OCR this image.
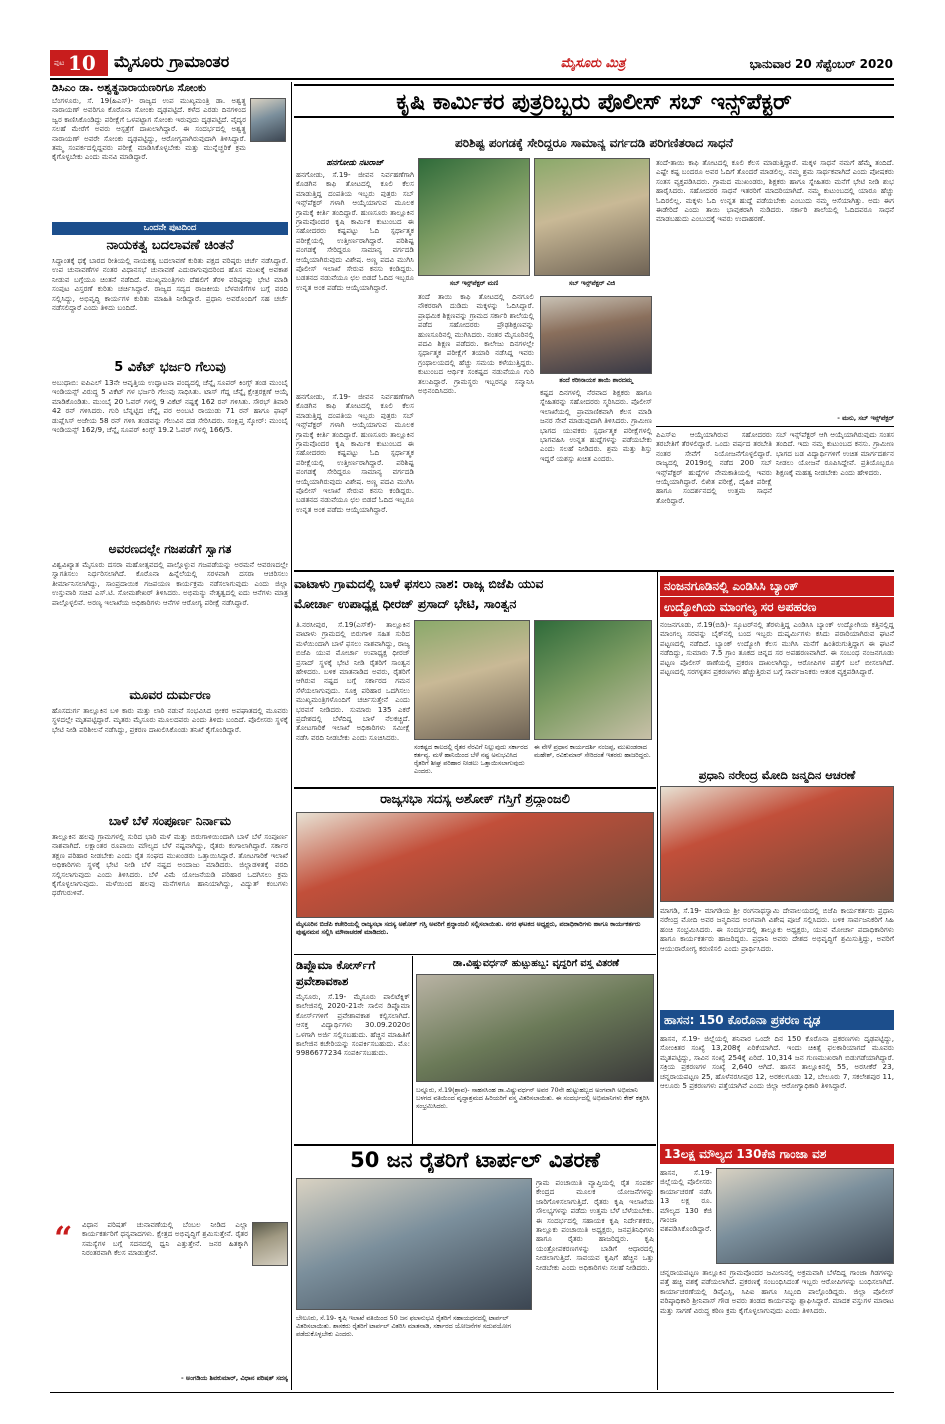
ಪುಟ 10 ಮೈಸೂರು ಗ್ರಾಮಾಂತರ	ಮೈಸೂರು ಮಿತ್ರ	ಭಾನುವಾರ 20 ಸೆಪ್ಟೆಂಬರ್ 2020
ಡಿಸಿಎಂ ಡಾ. ಅಶ್ವತ್ಥನಾರಾಯಣರಿಗೂ ಸೋಂಕು
ಬೆಂಗಳೂರು, ಸೆ. 19(ಹಿಎಸ್)- ರಾಜ್ಯದ ಉಪ ಮುಖ್ಯಮಂತ್ರಿ ಡಾ. ಅಶ್ವತ್ಥ ನಾರಾಯಣ್ ಅವರಿಗೂ ಕೊರೊನಾ ಸೋಂಕು ದೃಢಪಟ್ಟಿದೆ. ಕಳೆದ ಎರಡು ದಿನಗಳಿಂದ ಜ್ವರ ಕಾಣಿಸಿಕೊಂಡಿದ್ದು ಪರೀಕ್ಷೆಗೆ ಒಳಪಟ್ಟಾಗ ಸೋಂಕು ಇರುವುದು ದೃಢಪಟ್ಟಿದೆ. ವೈದ್ಯರ ಸಲಹೆ ಮೇರೆಗೆ ಅವರು ಆಸ್ಪತ್ರೆಗೆ ದಾಖಲಾಗಿದ್ದಾರೆ. ಈ ಸಂದರ್ಭದಲ್ಲಿ ಅಶ್ವತ್ಥ ನಾರಾಯಣ್ ಅವರೇ ಸೋಂಕು ದೃಢಪಟ್ಟಿದ್ದು, ಆರೋಗ್ಯವಾಗಿರುವುದಾಗಿ ತಿಳಿಸಿದ್ದಾರೆ. ತಮ್ಮ ಸಂಪರ್ಕದಲ್ಲಿದ್ದವರು ಪರೀಕ್ಷೆ ಮಾಡಿಸಿಕೊಳ್ಳಬೇಕು ಮತ್ತು ಮುನ್ನೆಚ್ಚರಿಕೆ ಕ್ರಮ ಕೈಗೊಳ್ಳಬೇಕು ಎಂದು ಮನವಿ ಮಾಡಿದ್ದಾರೆ.
ಒಂದನೇ ಪುಟದಿಂದ
ನಾಯಕತ್ವ ಬದಲಾವಣೆ ಚಿಂತನೆ
ಸಿದ್ಧಾಂತಕ್ಕೆ ಧಕ್ಕೆ ಬಾರದ ರೀತಿಯಲ್ಲಿ ನಾಯಕತ್ವ ಬದಲಾವಣೆ ಕುರಿತು ಪಕ್ಷದ ವರಿಷ್ಠರು ಚರ್ಚೆ ನಡೆಸಿದ್ದಾರೆ. ಉಪ ಚುನಾವಣೆಗಳ ನಂತರ ವಿಧಾನಸಭೆ ಚುನಾವಣೆ ಎದುರಾಗುವುದರಿಂದ ಹೊಸ ಮುಖಕ್ಕೆ ಅವಕಾಶ ನೀಡುವ ಬಗ್ಗೆಯೂ ಚಿಂತನೆ ನಡೆದಿದೆ. ಮುಖ್ಯಮಂತ್ರಿಗಳು ದೆಹಲಿಗೆ ತೆರಳಿ ವರಿಷ್ಠರನ್ನು ಭೇಟಿ ಮಾಡಿ ಸಂಪುಟ ವಿಸ್ತರಣೆ ಕುರಿತು ಚರ್ಚಿಸಿದ್ದಾರೆ. ರಾಜ್ಯದ ಸದ್ಯದ ರಾಜಕೀಯ ಬೆಳವಣಿಗೆಗಳ ಬಗ್ಗೆ ವರದಿ ಸಲ್ಲಿಸಿದ್ದು, ಅಭಿವೃದ್ಧಿ ಕಾರ್ಯಗಳ ಕುರಿತು ಮಾಹಿತಿ ನೀಡಿದ್ದಾರೆ. ಪ್ರಧಾನಿ ಅವರೊಂದಿಗೆ ಸಹ ಚರ್ಚೆ ನಡೆಸಲಿದ್ದಾರೆ ಎಂದು ತಿಳಿದು ಬಂದಿದೆ.
5 ವಿಕೆಟ್ ಭರ್ಜರಿ ಗೆಲುವು
ಅಬುಧಾಬಿ: ಐಪಿಎಲ್ 13ನೇ ಆವೃತ್ತಿಯ ಉದ್ಘಾಟನಾ ಪಂದ್ಯದಲ್ಲಿ ಚೆನ್ನೈ ಸೂಪರ್ ಕಿಂಗ್ಸ್ ತಂಡ ಮುಂಬೈ ಇಂಡಿಯನ್ಸ್ ವಿರುದ್ಧ 5 ವಿಕೆಟ್ ಗಳ ಭರ್ಜರಿ ಗೆಲುವು ಸಾಧಿಸಿತು. ಟಾಸ್ ಗೆದ್ದ ಚೆನ್ನೈ ಕ್ಷೇತ್ರರಕ್ಷಣೆ ಆಯ್ಕೆ ಮಾಡಿಕೊಂಡಿತು. ಮುಂಬೈ 20 ಓವರ್ ಗಳಲ್ಲಿ 9 ವಿಕೆಟ್ ನಷ್ಟಕ್ಕೆ 162 ರನ್ ಗಳಿಸಿತು. ಸೌರಭ್ ತಿವಾರಿ 42 ರನ್ ಗಳಿಸಿದರು. ಗುರಿ ಬೆನ್ನಟ್ಟಿದ ಚೆನ್ನೈ ಪರ ಅಂಬಟಿ ರಾಯುಡು 71 ರನ್ ಹಾಗೂ ಫಾಫ್ ಡುಪ್ಲೆಸಿಸ್ ಅಜೇಯ 58 ರನ್ ಗಳಿಸಿ ತಂಡವನ್ನು ಗೆಲುವಿನ ದಡ ಸೇರಿಸಿದರು. ಸಂಕ್ಷಿಪ್ತ ಸ್ಕೋರ್: ಮುಂಬೈ ಇಂಡಿಯನ್ಸ್ 162/9, ಚೆನ್ನೈ ಸೂಪರ್ ಕಿಂಗ್ಸ್ 19.2 ಓವರ್ ಗಳಲ್ಲಿ 166/5.
ಅವರಣದಲ್ಲೇ ಗಜಪಡೆಗೆ ಸ್ವಾಗತ
ವಿಶ್ವವಿಖ್ಯಾತ ಮೈಸೂರು ದಸರಾ ಮಹೋತ್ಸವದಲ್ಲಿ ಪಾಲ್ಗೊಳ್ಳುವ ಗಜಪಡೆಯನ್ನು ಅರಮನೆ ಆವರಣದಲ್ಲೇ ಸ್ವಾಗತಿಸಲು ನಿರ್ಧರಿಸಲಾಗಿದೆ. ಕೊರೊನಾ ಹಿನ್ನೆಲೆಯಲ್ಲಿ ಸರಳವಾಗಿ ದಸರಾ ಆಚರಿಸಲು ತೀರ್ಮಾನಿಸಲಾಗಿದ್ದು, ಸಾಂಪ್ರದಾಯಿಕ ಗಜಪಯಣ ಕಾರ್ಯಕ್ರಮ ನಡೆಸಲಾಗುವುದು ಎಂದು ಜಿಲ್ಲಾ ಉಸ್ತುವಾರಿ ಸಚಿವ ಎಸ್.ಟಿ. ಸೋಮಶೇಖರ್ ತಿಳಿಸಿದರು. ಅಭಿಮನ್ಯು ನೇತೃತ್ವದಲ್ಲಿ ಐದು ಆನೆಗಳು ಮಾತ್ರ ಪಾಲ್ಗೊಳ್ಳಲಿವೆ. ಅರಣ್ಯ ಇಲಾಖೆಯ ಅಧಿಕಾರಿಗಳು ಆನೆಗಳ ಆರೋಗ್ಯ ಪರೀಕ್ಷೆ ನಡೆಸಿದ್ದಾರೆ.
ಮೂವರ ದುರ್ಮರಣ
ಹೊಸದುರ್ಗ ತಾಲ್ಲೂಕಿನ ಬಳಿ ಕಾರು ಮತ್ತು ಲಾರಿ ನಡುವೆ ಸಂಭವಿಸಿದ ಭೀಕರ ಅಪಘಾತದಲ್ಲಿ ಮೂವರು ಸ್ಥಳದಲ್ಲೇ ಮೃತಪಟ್ಟಿದ್ದಾರೆ. ಮೃತರು ಮೈಸೂರು ಮೂಲದವರು ಎಂದು ತಿಳಿದು ಬಂದಿದೆ. ಪೊಲೀಸರು ಸ್ಥಳಕ್ಕೆ ಭೇಟಿ ನೀಡಿ ಪರಿಶೀಲನೆ ನಡೆಸಿದ್ದು, ಪ್ರಕರಣ ದಾಖಲಿಸಿಕೊಂಡು ತನಿಖೆ ಕೈಗೊಂಡಿದ್ದಾರೆ.
ಬಾಳೆ ಬೆಳೆ ಸಂಪೂರ್ಣ ನಿರ್ನಾಮ
ತಾಲ್ಲೂಕಿನ ಹಲವು ಗ್ರಾಮಗಳಲ್ಲಿ ಸುರಿದ ಭಾರಿ ಮಳೆ ಮತ್ತು ಬಿರುಗಾಳಿಯಿಂದಾಗಿ ಬಾಳೆ ಬೆಳೆ ಸಂಪೂರ್ಣ ನಾಶವಾಗಿದೆ. ಲಕ್ಷಾಂತರ ರೂಪಾಯಿ ಮೌಲ್ಯದ ಬೆಳೆ ನಷ್ಟವಾಗಿದ್ದು, ರೈತರು ಕಂಗಾಲಾಗಿದ್ದಾರೆ. ಸರ್ಕಾರ ತಕ್ಷಣ ಪರಿಹಾರ ನೀಡಬೇಕು ಎಂದು ರೈತ ಸಂಘದ ಮುಖಂಡರು ಒತ್ತಾಯಿಸಿದ್ದಾರೆ. ತೋಟಗಾರಿಕೆ ಇಲಾಖೆ ಅಧಿಕಾರಿಗಳು ಸ್ಥಳಕ್ಕೆ ಭೇಟಿ ನೀಡಿ ಬೆಳೆ ನಷ್ಟದ ಅಂದಾಜು ಮಾಡಿದರು. ಜಿಲ್ಲಾಡಳಿತಕ್ಕೆ ವರದಿ ಸಲ್ಲಿಸಲಾಗುವುದು ಎಂದು ತಿಳಿಸಿದರು. ಬೆಳೆ ವಿಮೆ ಯೋಜನೆಯಡಿ ಪರಿಹಾರ ಒದಗಿಸಲು ಕ್ರಮ ಕೈಗೊಳ್ಳಲಾಗುವುದು. ಮಳೆಯಿಂದ ಹಲವು ಮನೆಗಳಿಗೂ ಹಾನಿಯಾಗಿದ್ದು, ವಿದ್ಯುತ್ ಕಂಬಗಳು ಧರೆಗುರುಳಿವೆ.
“ ವಿಧಾನ ಪರಿಷತ್ ಚುನಾವಣೆಯಲ್ಲಿ ಬೆಂಬಲ ನೀಡಿದ ಎಲ್ಲಾ ಕಾರ್ಯಕರ್ತರಿಗೆ ಧನ್ಯವಾದಗಳು. ಕ್ಷೇತ್ರದ ಅಭಿವೃದ್ಧಿಗೆ ಶ್ರಮಿಸುತ್ತೇನೆ. ರೈತರ ಸಮಸ್ಯೆಗಳ ಬಗ್ಗೆ ಸದನದಲ್ಲಿ ಧ್ವನಿ ಎತ್ತುತ್ತೇನೆ. ಜನರ ಹಿತಕ್ಕಾಗಿ ನಿರಂತರವಾಗಿ ಕೆಲಸ ಮಾಡುತ್ತೇನೆ.
- ಅಂಗಡಿಯ ಶಿವಕುಮಾರ್, ವಿಧಾನ ಪರಿಷತ್ ಸದಸ್ಯ
ಕೃಷಿ ಕಾರ್ಮಿಕರ ಪುತ್ರರಿಬ್ಬರು ಪೊಲೀಸ್ ಸಬ್ ಇನ್ಸ್‌ಪೆಕ್ಟರ್
ಪರಿಶಿಷ್ಟ ಪಂಗಡಕ್ಕೆ ಸೇರಿದ್ದರೂ ಸಾಮಾನ್ಯ ವರ್ಗದಡಿ ಪರಿಗಣಿತರಾದ ಸಾಧನೆ
ಹನಗೋಡು ನಟರಾಜ್
ಹನಗೋಡು, ಸೆ.19- ಜೀವನ ನಿರ್ವಹಣೆಗಾಗಿ ಕೊಡಗಿನ ಕಾಫಿ ತೋಟದಲ್ಲಿ ಕೂಲಿ ಕೆಲಸ ಮಾಡುತ್ತಿದ್ದ ದಂಪತಿಯ ಇಬ್ಬರು ಪುತ್ರರು ಸಬ್ ಇನ್ಸ್‌ಪೆಕ್ಟರ್ ಗಳಾಗಿ ಆಯ್ಕೆಯಾಗುವ ಮೂಲಕ ಗ್ರಾಮಕ್ಕೆ ಕೀರ್ತಿ ತಂದಿದ್ದಾರೆ. ಹುಣಸೂರು ತಾಲ್ಲೂಕಿನ ಗ್ರಾಮವೊಂದರ ಕೃಷಿ ಕಾರ್ಮಿಕ ಕುಟುಂಬದ ಈ ಸಹೋದರರು ಕಷ್ಟಪಟ್ಟು ಓದಿ ಸ್ಪರ್ಧಾತ್ಮಕ ಪರೀಕ್ಷೆಯಲ್ಲಿ ಉತ್ತೀರ್ಣರಾಗಿದ್ದಾರೆ. ಪರಿಶಿಷ್ಟ ಪಂಗಡಕ್ಕೆ ಸೇರಿದ್ದರೂ ಸಾಮಾನ್ಯ ವರ್ಗದಡಿ ಆಯ್ಕೆಯಾಗಿರುವುದು ವಿಶೇಷ. ಅಣ್ಣ ಪದವಿ ಮುಗಿಸಿ ಪೊಲೀಸ್ ಇಲಾಖೆ ಸೇರುವ ಕನಸು ಕಂಡಿದ್ದರು. ಬಡತನದ ನಡುವೆಯೂ ಛಲ ಬಿಡದೆ ಓದಿದ ಇಬ್ಬರೂ ಉನ್ನತ ಅಂಕ ಪಡೆದು ಆಯ್ಕೆಯಾಗಿದ್ದಾರೆ.	ಸಬ್ ಇನ್ಸ್‌ಪೆಕ್ಟರ್ ಮಣಿ	ಸಬ್ ಇನ್ಸ್‌ಪೆಕ್ಟರ್ ವಿಜಿ
ತಂದೆ ತಾಯಿ ಕಾಫಿ ತೋಟದಲ್ಲಿ ದಿನಗೂಲಿ ನೌಕರರಾಗಿ ದುಡಿದು ಮಕ್ಕಳನ್ನು ಓದಿಸಿದ್ದಾರೆ. ಪ್ರಾಥಮಿಕ ಶಿಕ್ಷಣವನ್ನು ಗ್ರಾಮದ ಸರ್ಕಾರಿ ಶಾಲೆಯಲ್ಲಿ ಪಡೆದ ಸಹೋದರರು ಪ್ರೌಢಶಿಕ್ಷಣವನ್ನು ಹುಣಸೂರಿನಲ್ಲಿ ಮುಗಿಸಿದರು. ನಂತರ ಮೈಸೂರಿನಲ್ಲಿ ಪದವಿ ಶಿಕ್ಷಣ ಪಡೆದರು. ಕಾಲೇಜು ದಿನಗಳಲ್ಲೇ ಸ್ಪರ್ಧಾತ್ಮಕ ಪರೀಕ್ಷೆಗೆ ತಯಾರಿ ನಡೆಸಿದ್ದ ಇವರು ಗ್ರಂಥಾಲಯದಲ್ಲಿ ಹೆಚ್ಚು ಸಮಯ ಕಳೆಯುತ್ತಿದ್ದರು. ಕುಟುಂಬದ ಆರ್ಥಿಕ ಸಂಕಷ್ಟದ ನಡುವೆಯೂ ಗುರಿ ತಲುಪಿದ್ದಾರೆ. ಗ್ರಾಮಸ್ಥರು ಇಬ್ಬರನ್ನೂ ಸನ್ಮಾನಿಸಿ ಅಭಿನಂದಿಸಿದರು.
ತಂದೆ ಕರೀನಾಯಕ ತಾಯಿ ಶಾರದಮ್ಮ
ಕಷ್ಟದ ದಿನಗಳಲ್ಲಿ ನೆರವಾದ ಶಿಕ್ಷಕರು ಹಾಗೂ ಸ್ನೇಹಿತರನ್ನು ಸಹೋದರರು ಸ್ಮರಿಸಿದರು. ಪೊಲೀಸ್ ಇಲಾಖೆಯಲ್ಲಿ ಪ್ರಾಮಾಣಿಕವಾಗಿ ಕೆಲಸ ಮಾಡಿ ಜನರ ಸೇವೆ ಮಾಡುವುದಾಗಿ ತಿಳಿಸಿದರು. ಗ್ರಾಮೀಣ ಭಾಗದ ಯುವಕರು ಸ್ಪರ್ಧಾತ್ಮಕ ಪರೀಕ್ಷೆಗಳಲ್ಲಿ ಭಾಗವಹಿಸಿ ಉನ್ನತ ಹುದ್ದೆಗಳನ್ನು ಪಡೆಯಬೇಕು ಎಂದು ಸಲಹೆ ನೀಡಿದರು. ಶ್ರಮ ಮತ್ತು ಶಿಸ್ತು ಇದ್ದರೆ ಯಶಸ್ಸು ಖಚಿತ ಎಂದರು.
ಹನಗೋಡು, ಸೆ.19- ಜೀವನ ನಿರ್ವಹಣೆಗಾಗಿ ಕೊಡಗಿನ ಕಾಫಿ ತೋಟದಲ್ಲಿ ಕೂಲಿ ಕೆಲಸ ಮಾಡುತ್ತಿದ್ದ ದಂಪತಿಯ ಇಬ್ಬರು ಪುತ್ರರು ಸಬ್ ಇನ್ಸ್‌ಪೆಕ್ಟರ್ ಗಳಾಗಿ ಆಯ್ಕೆಯಾಗುವ ಮೂಲಕ ಗ್ರಾಮಕ್ಕೆ ಕೀರ್ತಿ ತಂದಿದ್ದಾರೆ. ಹುಣಸೂರು ತಾಲ್ಲೂಕಿನ ಗ್ರಾಮವೊಂದರ ಕೃಷಿ ಕಾರ್ಮಿಕ ಕುಟುಂಬದ ಈ ಸಹೋದರರು ಕಷ್ಟಪಟ್ಟು ಓದಿ ಸ್ಪರ್ಧಾತ್ಮಕ ಪರೀಕ್ಷೆಯಲ್ಲಿ ಉತ್ತೀರ್ಣರಾಗಿದ್ದಾರೆ. ಪರಿಶಿಷ್ಟ ಪಂಗಡಕ್ಕೆ ಸೇರಿದ್ದರೂ ಸಾಮಾನ್ಯ ವರ್ಗದಡಿ ಆಯ್ಕೆಯಾಗಿರುವುದು ವಿಶೇಷ. ಅಣ್ಣ ಪದವಿ ಮುಗಿಸಿ ಪೊಲೀಸ್ ಇಲಾಖೆ ಸೇರುವ ಕನಸು ಕಂಡಿದ್ದರು. ಬಡತನದ ನಡುವೆಯೂ ಛಲ ಬಿಡದೆ ಓದಿದ ಇಬ್ಬರೂ ಉನ್ನತ ಅಂಕ ಪಡೆದು ಆಯ್ಕೆಯಾಗಿದ್ದಾರೆ.
ತಂದೆ-ತಾಯಿ ಕಾಫಿ ತೋಟದಲ್ಲಿ ಕೂಲಿ ಕೆಲಸ ಮಾಡುತ್ತಿದ್ದಾರೆ. ಮಕ್ಕಳ ಸಾಧನೆ ನಮಗೆ ಹೆಮ್ಮೆ ತಂದಿದೆ. ಎಷ್ಟೇ ಕಷ್ಟ ಬಂದರೂ ಅವರ ಓದಿಗೆ ತೊಂದರೆ ಮಾಡಲಿಲ್ಲ. ನಮ್ಮ ಶ್ರಮ ಸಾರ್ಥಕವಾಗಿದೆ ಎಂದು ಪೋಷಕರು ಸಂತಸ ವ್ಯಕ್ತಪಡಿಸಿದರು. ಗ್ರಾಮದ ಮುಖಂಡರು, ಶಿಕ್ಷಕರು ಹಾಗೂ ಸ್ನೇಹಿತರು ಮನೆಗೆ ಭೇಟಿ ನೀಡಿ ಶುಭ ಹಾರೈಸಿದರು. ಸಹೋದರರ ಸಾಧನೆ ಇತರರಿಗೆ ಮಾದರಿಯಾಗಿದೆ. ನಮ್ಮ ಕುಟುಂಬದಲ್ಲಿ ಯಾರೂ ಹೆಚ್ಚು ಓದಿರಲಿಲ್ಲ. ಮಕ್ಕಳು ಓದಿ ಉನ್ನತ ಹುದ್ದೆ ಪಡೆಯಬೇಕು ಎಂಬುದು ನಮ್ಮ ಆಸೆಯಾಗಿತ್ತು. ಅದು ಈಗ ಈಡೇರಿದೆ ಎಂದು ತಾಯಿ ಭಾವುಕರಾಗಿ ನುಡಿದರು. ಸರ್ಕಾರಿ ಶಾಲೆಯಲ್ಲಿ ಓದಿದವರೂ ಸಾಧನೆ ಮಾಡಬಹುದು ಎಂಬುದಕ್ಕೆ ಇವರು ಉದಾಹರಣೆ.
- ಮನು, ಸಬ್ ಇನ್ಸ್‌ಪೆಕ್ಟರ್
ಪಿಎಸ್ಐ ಆಯ್ಕೆಯಾಗಿರುವ ಸಹೋದರರು ತರಬೇತಿಗೆ ತೆರಳಲಿದ್ದಾರೆ. ಒಂದು ವರ್ಷದ ತರಬೇತಿ ನಂತರ ಸೇವೆಗೆ ನಿಯೋಜನೆಗೊಳ್ಳಲಿದ್ದಾರೆ. ರಾಜ್ಯದಲ್ಲಿ 2019ರಲ್ಲಿ ನಡೆದ 200 ಸಬ್ ಇನ್ಸ್‌ಪೆಕ್ಟರ್ ಹುದ್ದೆಗಳ ನೇಮಕಾತಿಯಲ್ಲಿ ಇವರು ಆಯ್ಕೆಯಾಗಿದ್ದಾರೆ. ಲಿಖಿತ ಪರೀಕ್ಷೆ, ದೈಹಿಕ ಪರೀಕ್ಷೆ ಹಾಗೂ ಸಂದರ್ಶನದಲ್ಲಿ ಉತ್ತಮ ಸಾಧನೆ ತೋರಿದ್ದಾರೆ.
ಸಬ್ ಇನ್ಸ್‌ಪೆಕ್ಟರ್ ಆಗಿ ಆಯ್ಕೆಯಾಗಿರುವುದು ಸಂತಸ ತಂದಿದೆ. ಇದು ನಮ್ಮ ಕುಟುಂಬದ ಕನಸು. ಗ್ರಾಮೀಣ ಭಾಗದ ಬಡ ವಿದ್ಯಾರ್ಥಿಗಳಿಗೆ ಉಚಿತ ಮಾರ್ಗದರ್ಶನ ನೀಡಲು ಯೋಜನೆ ರೂಪಿಸಿದ್ದೇವೆ. ಪ್ರತಿಯೊಬ್ಬರೂ ಶಿಕ್ಷಣಕ್ಕೆ ಮಹತ್ವ ನೀಡಬೇಕು ಎಂದು ಹೇಳಿದರು.
ವಾಟಾಳು ಗ್ರಾಮದಲ್ಲಿ ಬಾಳೆ ಫಸಲು ನಾಶ: ರಾಜ್ಯ ಬಿಜೆಪಿ ಯುವ
ಮೋರ್ಚಾ ಉಪಾಧ್ಯಕ್ಷ ಧೀರಜ್ ಪ್ರಸಾದ್ ಭೇಟಿ, ಸಾಂತ್ವನ
ತಿ.ನರಸೀಪುರ, ಸೆ.19(ಎಸ್‌ಕೆ)- ತಾಲ್ಲೂಕಿನ ವಾಟಾಳು ಗ್ರಾಮದಲ್ಲಿ ಬಿರುಗಾಳಿ ಸಹಿತ ಸುರಿದ ಮಳೆಯಿಂದಾಗಿ ಬಾಳೆ ಫಸಲು ನಾಶವಾಗಿದ್ದು, ರಾಜ್ಯ ಬಿಜೆಪಿ ಯುವ ಮೋರ್ಚಾ ಉಪಾಧ್ಯಕ್ಷ ಧೀರಜ್ ಪ್ರಸಾದ್ ಸ್ಥಳಕ್ಕೆ ಭೇಟಿ ನೀಡಿ ರೈತರಿಗೆ ಸಾಂತ್ವನ ಹೇಳಿದರು. ಬಳಿಕ ಮಾತನಾಡಿದ ಅವರು, ರೈತರಿಗೆ ಆಗಿರುವ ನಷ್ಟದ ಬಗ್ಗೆ ಸರ್ಕಾರದ ಗಮನ ಸೆಳೆಯಲಾಗುವುದು. ಸೂಕ್ತ ಪರಿಹಾರ ಒದಗಿಸಲು ಮುಖ್ಯಮಂತ್ರಿಗಳೊಂದಿಗೆ ಚರ್ಚಿಸುತ್ತೇನೆ ಎಂದು ಭರವಸೆ ನೀಡಿದರು. ಸುಮಾರು 135 ಎಕರೆ ಪ್ರದೇಶದಲ್ಲಿ ಬೆಳೆದಿದ್ದ ಬಾಳೆ ನೆಲಕಚ್ಚಿದೆ. ತೋಟಗಾರಿಕೆ ಇಲಾಖೆ ಅಧಿಕಾರಿಗಳು ಸಮೀಕ್ಷೆ ನಡೆಸಿ ವರದಿ ನೀಡಬೇಕು ಎಂದು ಸೂಚಿಸಿದರು.
ಸಂಕಷ್ಟದ ಕಾಲದಲ್ಲಿ ರೈತರ ನೆರವಿಗೆ ನಿಲ್ಲುವುದು ಸರ್ಕಾರದ ಕರ್ತವ್ಯ. ಮಳೆ ಹಾನಿಯಿಂದ ಬೆಳೆ ನಷ್ಟ ಅನುಭವಿಸಿದ ರೈತರಿಗೆ ಶೀಘ್ರ ಪರಿಹಾರ ನೀಡಲು ಒತ್ತಾಯಿಸಲಾಗುವುದು ಎಂದರು.
ಈ ವೇಳೆ ಪ್ರಧಾನ ಕಾರ್ಯದರ್ಶಿ ನಂಜಪ್ಪ, ಮುಖಂಡರಾದ ಮಹೇಶ್, ರವಿಕುಮಾರ್ ಸೇರಿದಂತೆ ಇತರರು ಹಾಜರಿದ್ದರು.
ನಂಜನಗೂಡಿನಲ್ಲಿ ಎಂಡಿಸಿಸಿ ಬ್ಯಾಂಕ್
ಉದ್ಯೋಗಿಯ ಮಾಂಗಲ್ಯ ಸರ ಅಪಹರಣ
ನಂಜನಗೂಡು, ಸೆ.19(ಬಿಡಿ)- ಸ್ಕೂಟರ್‌ನಲ್ಲಿ ತೆರಳುತ್ತಿದ್ದ ಎಂಡಿಸಿಸಿ ಬ್ಯಾಂಕ್ ಉದ್ಯೋಗಿಯ ಕತ್ತಿನಲ್ಲಿದ್ದ ಮಾಂಗಲ್ಯ ಸರವನ್ನು ಬೈಕ್‌ನಲ್ಲಿ ಬಂದ ಇಬ್ಬರು ದುಷ್ಕರ್ಮಿಗಳು ಕಸಿದು ಪರಾರಿಯಾಗಿರುವ ಘಟನೆ ಪಟ್ಟಣದಲ್ಲಿ ನಡೆದಿದೆ. ಬ್ಯಾಂಕ್ ಉದ್ಯೋಗಿ ಕೆಲಸ ಮುಗಿಸಿ ಮನೆಗೆ ಹಿಂತಿರುಗುತ್ತಿದ್ದಾಗ ಈ ಘಟನೆ ನಡೆದಿದ್ದು, ಸುಮಾರು 7.5 ಗ್ರಾಂ ತೂಕದ ಚಿನ್ನದ ಸರ ಅಪಹರಣವಾಗಿದೆ. ಈ ಸಂಬಂಧ ನಂಜನಗೂಡು ಪಟ್ಟಣ ಪೊಲೀಸ್ ಠಾಣೆಯಲ್ಲಿ ಪ್ರಕರಣ ದಾಖಲಾಗಿದ್ದು, ಆರೋಪಿಗಳ ಪತ್ತೆಗೆ ಬಲೆ ಬೀಸಲಾಗಿದೆ. ಪಟ್ಟಣದಲ್ಲಿ ಸರಗಳ್ಳತನ ಪ್ರಕರಣಗಳು ಹೆಚ್ಚುತ್ತಿರುವ ಬಗ್ಗೆ ಸಾರ್ವಜನಿಕರು ಆತಂಕ ವ್ಯಕ್ತಪಡಿಸಿದ್ದಾರೆ.
ಪ್ರಧಾನಿ ನರೇಂದ್ರ ಮೋದಿ ಜನ್ಮದಿನ ಆಚರಣೆ
ಮಾಗಡಿ, ಸೆ.19- ಮಾಗಡಿಯ ಶ್ರೀ ರಂಗನಾಥಸ್ವಾಮಿ ದೇವಾಲಯದಲ್ಲಿ ಬಿಜೆಪಿ ಕಾರ್ಯಕರ್ತರು ಪ್ರಧಾನಿ ನರೇಂದ್ರ ಮೋದಿ ಅವರ ಜನ್ಮದಿನದ ಅಂಗವಾಗಿ ವಿಶೇಷ ಪೂಜೆ ಸಲ್ಲಿಸಿದರು. ಬಳಿಕ ಸಾರ್ವಜನಿಕರಿಗೆ ಸಿಹಿ ಹಂಚಿ ಸಂಭ್ರಮಿಸಿದರು. ಈ ಸಂದರ್ಭದಲ್ಲಿ ತಾಲ್ಲೂಕು ಅಧ್ಯಕ್ಷರು, ಯುವ ಮೋರ್ಚಾ ಪದಾಧಿಕಾರಿಗಳು ಹಾಗೂ ಕಾರ್ಯಕರ್ತರು ಹಾಜರಿದ್ದರು. ಪ್ರಧಾನಿ ಅವರು ದೇಶದ ಅಭಿವೃದ್ಧಿಗೆ ಶ್ರಮಿಸುತ್ತಿದ್ದು, ಅವರಿಗೆ ಆಯುರಾರೋಗ್ಯ ಕರುಣಿಸಲಿ ಎಂದು ಪ್ರಾರ್ಥಿಸಿದರು.
ಹಾಸನ: 150 ಕೊರೊನಾ ಪ್ರಕರಣ ದೃಢ
ಹಾಸನ, ಸೆ.19- ಜಿಲ್ಲೆಯಲ್ಲಿ ಶನಿವಾರ ಒಂದೇ ದಿನ 150 ಕೊರೊನಾ ಪ್ರಕರಣಗಳು ದೃಢಪಟ್ಟಿದ್ದು, ಸೋಂಕಿತರ ಸಂಖ್ಯೆ 13,208ಕ್ಕೆ ಏರಿಕೆಯಾಗಿದೆ. ಇಂದು ಚಿಕಿತ್ಸೆ ಫಲಕಾರಿಯಾಗದೆ ಮೂವರು ಮೃತಪಟ್ಟಿದ್ದು, ಸಾವಿನ ಸಂಖ್ಯೆ 254ಕ್ಕೆ ಏರಿದೆ. 10,314 ಜನ ಗುಣಮುಖರಾಗಿ ಬಿಡುಗಡೆಯಾಗಿದ್ದಾರೆ. ಸಕ್ರಿಯ ಪ್ರಕರಣಗಳ ಸಂಖ್ಯೆ 2,640 ಆಗಿದೆ. ಹಾಸನ ತಾಲ್ಲೂಕಿನಲ್ಲಿ 55, ಅರಸೀಕೆರೆ 23, ಚನ್ನರಾಯಪಟ್ಟಣ 25, ಹೊಳೆನರಸೀಪುರ 12, ಅರಕಲಗೂಡು 12, ಬೇಲೂರು 7, ಸಕಲೇಶಪುರ 11, ಆಲೂರು 5 ಪ್ರಕರಣಗಳು ಪತ್ತೆಯಾಗಿವೆ ಎಂದು ಜಿಲ್ಲಾ ಆರೋಗ್ಯಾಧಿಕಾರಿ ತಿಳಿಸಿದ್ದಾರೆ.
13ಲಕ್ಷ ಮೌಲ್ಯದ 130ಕೆಜಿ ಗಾಂಜಾ ವಶ
ಹಾಸನ, ಸೆ.19- ಜಿಲ್ಲೆಯಲ್ಲಿ ಪೊಲೀಸರು ಕಾರ್ಯಾಚರಣೆ ನಡೆಸಿ 13 ಲಕ್ಷ ರೂ. ಮೌಲ್ಯದ 130 ಕೆಜಿ ಗಾಂಜಾ ವಶಪಡಿಸಿಕೊಂಡಿದ್ದಾರೆ.
ಚನ್ನರಾಯಪಟ್ಟಣ ತಾಲ್ಲೂಕಿನ ಗ್ರಾಮವೊಂದರ ಜಮೀನಿನಲ್ಲಿ ಅಕ್ರಮವಾಗಿ ಬೆಳೆದಿದ್ದ ಗಾಂಜಾ ಗಿಡಗಳನ್ನು ಪತ್ತೆ ಹಚ್ಚಿ ವಶಕ್ಕೆ ಪಡೆಯಲಾಗಿದೆ. ಪ್ರಕರಣಕ್ಕೆ ಸಂಬಂಧಿಸಿದಂತೆ ಇಬ್ಬರು ಆರೋಪಿಗಳನ್ನು ಬಂಧಿಸಲಾಗಿದೆ. ಕಾರ್ಯಾಚರಣೆಯಲ್ಲಿ ಡಿವೈಎಸ್ಪಿ, ಸಿಪಿಐ ಹಾಗೂ ಸಿಬ್ಬಂದಿ ಪಾಲ್ಗೊಂಡಿದ್ದರು. ಜಿಲ್ಲಾ ಪೊಲೀಸ್ ವರಿಷ್ಠಾಧಿಕಾರಿ ಶ್ರೀನಿವಾಸ್ ಗೌಡ ಅವರು ತಂಡದ ಕಾರ್ಯವನ್ನು ಶ್ಲಾಘಿಸಿದ್ದಾರೆ. ಮಾದಕ ವಸ್ತುಗಳ ಮಾರಾಟ ಮತ್ತು ಸಾಗಣೆ ವಿರುದ್ಧ ಕಠಿಣ ಕ್ರಮ ಕೈಗೊಳ್ಳಲಾಗುವುದು ಎಂದು ತಿಳಿಸಿದರು.
ರಾಜ್ಯಸಭಾ ಸದಸ್ಯ ಅಶೋಕ್ ಗಸ್ತಿಗೆ ಶ್ರದ್ಧಾಂಜಲಿ
ಮೈಸೂರಿನ ಬಿಜೆಪಿ ಕಚೇರಿಯಲ್ಲಿ ರಾಜ್ಯಸಭಾ ಸದಸ್ಯ ಅಶೋಕ್ ಗಸ್ತಿ ಅವರಿಗೆ ಶ್ರದ್ಧಾಂಜಲಿ ಸಲ್ಲಿಸಲಾಯಿತು. ನಗರ ಘಟಕದ ಅಧ್ಯಕ್ಷರು, ಪದಾಧಿಕಾರಿಗಳು ಹಾಗೂ ಕಾರ್ಯಕರ್ತರು ಪುಷ್ಪನಮನ ಸಲ್ಲಿಸಿ ಮೌನಾಚರಣೆ ಮಾಡಿದರು.
ಡಿಪ್ಲೊಮಾ ಕೋರ್ಸ್‌ಗೆ
ಪ್ರವೇಶಾವಕಾಶ
ಮೈಸೂರು, ಸೆ.19- ಮೈಸೂರು ಪಾಲಿಟೆಕ್ನಿಕ್ ಕಾಲೇಜಿನಲ್ಲಿ 2020-21ನೇ ಸಾಲಿನ ಡಿಪ್ಲೊಮಾ ಕೋರ್ಸ್‌ಗಳಿಗೆ ಪ್ರವೇಶಾವಕಾಶ ಕಲ್ಪಿಸಲಾಗಿದೆ. ಆಸಕ್ತ ವಿದ್ಯಾರ್ಥಿಗಳು 30.09.2020ರ ಒಳಗಾಗಿ ಅರ್ಜಿ ಸಲ್ಲಿಸಬಹುದು. ಹೆಚ್ಚಿನ ಮಾಹಿತಿಗೆ ಕಾಲೇಜಿನ ಕಚೇರಿಯನ್ನು ಸಂಪರ್ಕಿಸಬಹುದು. ಮೊ: 9986677234 ಸಂಪರ್ಕಿಸಬಹುದು.
ಡಾ.ವಿಷ್ಣುವರ್ಧನ್ ಹುಟ್ಟುಹಬ್ಬ: ವೃದ್ಧರಿಗೆ ವಸ್ತ್ರ ವಿತರಣೆ
ಬನ್ನೂರು, ಸೆ.19(ಶ್ರಾವ)- ಸಾಹಸಸಿಂಹ ಡಾ.ವಿಷ್ಣುವರ್ಧನ್ ಅವರ 70ನೇ ಹುಟ್ಟುಹಬ್ಬದ ಅಂಗವಾಗಿ ಅಭಿಮಾನಿ ಬಳಗದ ವತಿಯಿಂದ ವೃದ್ಧಾಶ್ರಮದ ಹಿರಿಯರಿಗೆ ವಸ್ತ್ರ ವಿತರಿಸಲಾಯಿತು. ಈ ಸಂದರ್ಭದಲ್ಲಿ ಅಭಿಮಾನಿಗಳು ಕೇಕ್ ಕತ್ತರಿಸಿ ಸಂಭ್ರಮಿಸಿದರು.
50 ಜನ ರೈತರಿಗೆ ಟಾರ್ಪಲ್ ವಿತರಣೆ
ಬೇಲೂರು, ಸೆ.19- ಕೃಷಿ ಇಲಾಖೆ ವತಿಯಿಂದ 50 ಜನ ಫಲಾನುಭವಿ ರೈತರಿಗೆ ಸಹಾಯಧನದಲ್ಲಿ ಟಾರ್ಪಲ್ ವಿತರಿಸಲಾಯಿತು. ಶಾಸಕರು ರೈತರಿಗೆ ಟಾರ್ಪಲ್ ವಿತರಿಸಿ ಮಾತನಾಡಿ, ಸರ್ಕಾರದ ಯೋಜನೆಗಳ ಸದುಪಯೋಗ ಪಡೆದುಕೊಳ್ಳಬೇಕು ಎಂದರು.
ಗ್ರಾಮ ಪಂಚಾಯಿತಿ ವ್ಯಾಪ್ತಿಯಲ್ಲಿ ರೈತ ಸಂಪರ್ಕ ಕೇಂದ್ರದ ಮೂಲಕ ಯೋಜನೆಗಳನ್ನು ಜಾರಿಗೊಳಿಸಲಾಗುತ್ತಿದೆ. ರೈತರು ಕೃಷಿ ಇಲಾಖೆಯ ಸೌಲಭ್ಯಗಳನ್ನು ಪಡೆದು ಉತ್ತಮ ಬೆಳೆ ಬೆಳೆಯಬೇಕು. ಈ ಸಂದರ್ಭದಲ್ಲಿ ಸಹಾಯಕ ಕೃಷಿ ನಿರ್ದೇಶಕರು, ತಾಲ್ಲೂಕು ಪಂಚಾಯಿತಿ ಅಧ್ಯಕ್ಷರು, ಜನಪ್ರತಿನಿಧಿಗಳು ಹಾಗೂ ರೈತರು ಹಾಜರಿದ್ದರು. ಕೃಷಿ ಯಂತ್ರೋಪಕರಣಗಳನ್ನು ಬಾಡಿಗೆ ಆಧಾರದಲ್ಲಿ ನೀಡಲಾಗುತ್ತಿದೆ. ಸಾವಯವ ಕೃಷಿಗೆ ಹೆಚ್ಚಿನ ಒತ್ತು ನೀಡಬೇಕು ಎಂದು ಅಧಿಕಾರಿಗಳು ಸಲಹೆ ನೀಡಿದರು.
